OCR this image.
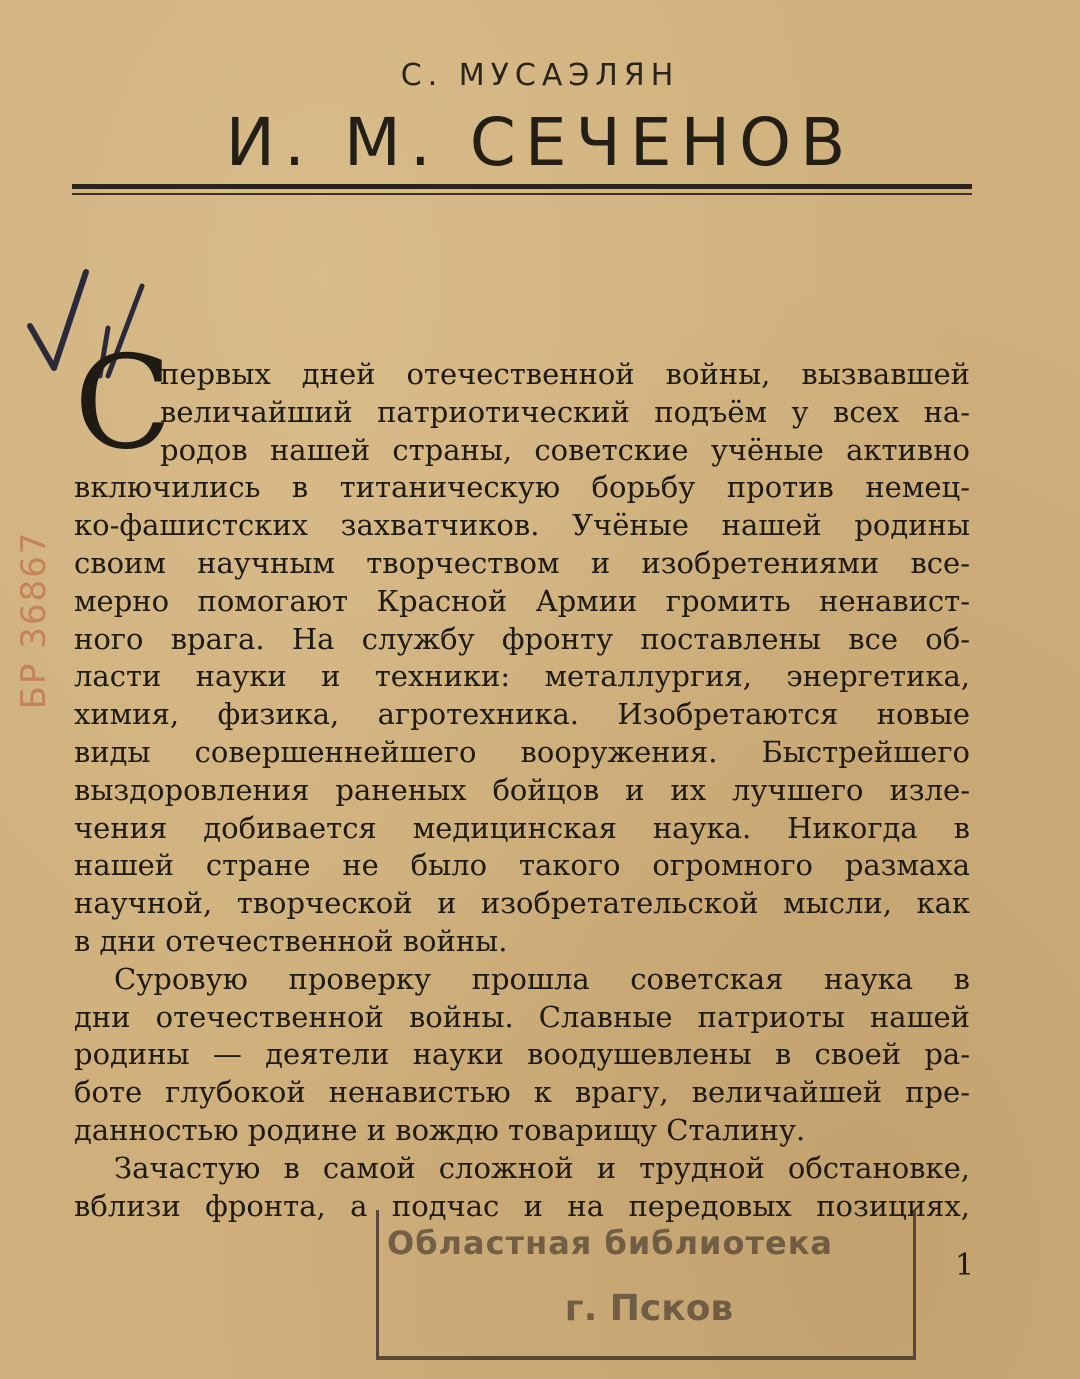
С. МУСАЭЛЯН
И. М. СЕЧЕНОВ
БР 36867
С
первых дней отечественной войны, вызвавшей
величайший патриотический подъём у всех на-
родов нашей страны, советские учёные активно
включились в титаническую борьбу против немец-
ко-фашистских захватчиков. Учёные нашей родины
своим научным творчеством и изобретениями все-
мерно помогают Красной Армии громить ненавист-
ного врага. На службу фронту поставлены все об-
ласти науки и техники: металлургия, энергетика,
химия, физика, агротехника. Изобретаются новые
виды совершеннейшего вооружения. Быстрейшего
выздоровления раненых бойцов и их лучшего изле-
чения добивается медицинская наука. Никогда в
нашей стране не было такого огромного размаха
научной, творческой и изобретательской мысли, как
в дни отечественной войны.
Суровую проверку прошла советская наука в
дни отечественной войны. Славные патриоты нашей
родины — деятели науки воодушевлены в своей ра-
боте глубокой ненавистью к врагу, величайшей пре-
данностью родине и вождю товарищу Сталину.
Зачастую в самой сложной и трудной обстановке,
вблизи фронта, а подчас и на передовых позициях,
Областная библиотека
г. Псков
1
